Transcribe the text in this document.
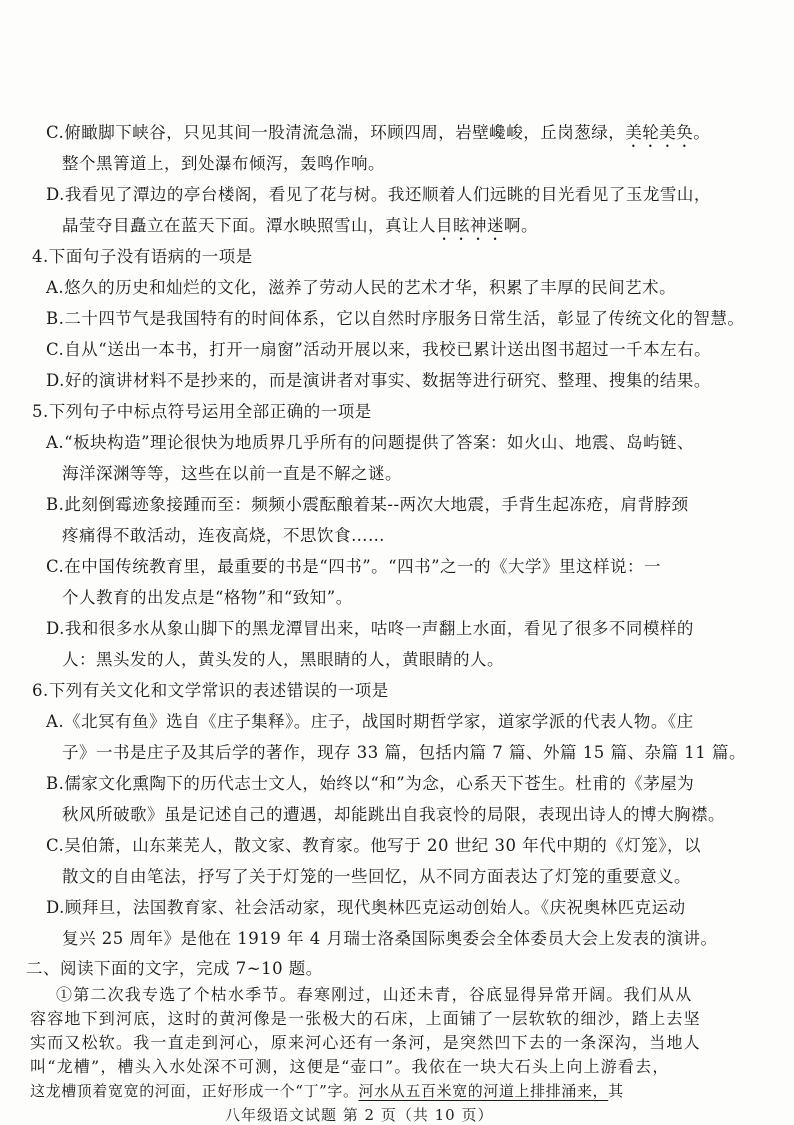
C.俯瞰脚下峡谷，只见其间一股清流急湍，环顾四周，岩壁巉峻，丘岗葱绿，美轮美奂。
整个黑箐道上，到处瀑布倾泻，轰鸣作响。
D.我看见了潭边的亭台楼阁，看见了花与树。我还顺着人们远眺的目光看见了玉龙雪山，
晶莹夺目矗立在蓝天下面。潭水映照雪山，真让人目眩神迷啊。
4.下面句子没有语病的一项是
A.悠久的历史和灿烂的文化，滋养了劳动人民的艺术才华，积累了丰厚的民间艺术。
B.二十四节气是我国特有的时间体系，它以自然时序服务日常生活，彰显了传统文化的智慧。
C.自从“送出一本书，打开一扇窗”活动开展以来，我校已累计送出图书超过一千本左右。
D.好的演讲材料不是抄来的，而是演讲者对事实、数据等进行研究、整理、搜集的结果。
5.下列句子中标点符号运用全部正确的一项是
A.“板块构造”理论很快为地质界几乎所有的问题提供了答案：如火山、地震、岛屿链、
海洋深渊等等，这些在以前一直是不解之谜。
B.此刻倒霉迹象接踵而至：频频小震酝酿着某--两次大地震，手背生起冻疮，肩背脖颈
疼痛得不敢活动，连夜高烧，不思饮食……
C.在中国传统教育里，最重要的书是“四书”。“四书”之一的《大学》里这样说：一
个人教育的出发点是“格物”和“致知”。
D.我和很多水从象山脚下的黑龙潭冒出来，咕咚一声翻上水面，看见了很多不同模样的
人：黑头发的人，黄头发的人，黑眼睛的人，黄眼睛的人。
6.下列有关文化和文学常识的表述错误的一项是
A.《北冥有鱼》选自《庄子集释》。庄子，战国时期哲学家，道家学派的代表人物。《庄
子》一书是庄子及其后学的著作，现存 33 篇，包括内篇 7 篇、外篇 15 篇、杂篇 11 篇。
B.儒家文化熏陶下的历代志士文人，始终以“和”为念，心系天下苍生。杜甫的《茅屋为
秋风所破歌》虽是记述自己的遭遇，却能跳出自我哀怜的局限，表现出诗人的博大胸襟。
C.吴伯箫，山东莱芜人，散文家、教育家。他写于 20 世纪 30 年代中期的《灯笼》，以
散文的自由笔法，抒写了关于灯笼的一些回忆，从不同方面表达了灯笼的重要意义。
D.顾拜旦，法国教育家、社会活动家，现代奥林匹克运动创始人。《庆祝奥林匹克运动
复兴 25 周年》是他在 1919 年 4 月瑞士洛桑国际奥委会全体委员大会上发表的演讲。
二、阅读下面的文字，完成 7~10 题。
①第二次我专选了个枯水季节。春寒刚过，山还未青，谷底显得异常开阔。我们从从
容容地下到河底，这时的黄河像是一张极大的石床，上面铺了一层软软的细沙，踏上去坚
实而又松软。我一直走到河心，原来河心还有一条河，是突然凹下去的一条深沟，当地人
叫“龙槽”，槽头入水处深不可测，这便是“壶口”。我依在一块大石头上向上游看去，
这龙槽顶着宽宽的河面，正好形成一个“丁”字。河水从五百米宽的河道上排排涌来，其
八年级语文试题 第 2 页（共 10 页）
